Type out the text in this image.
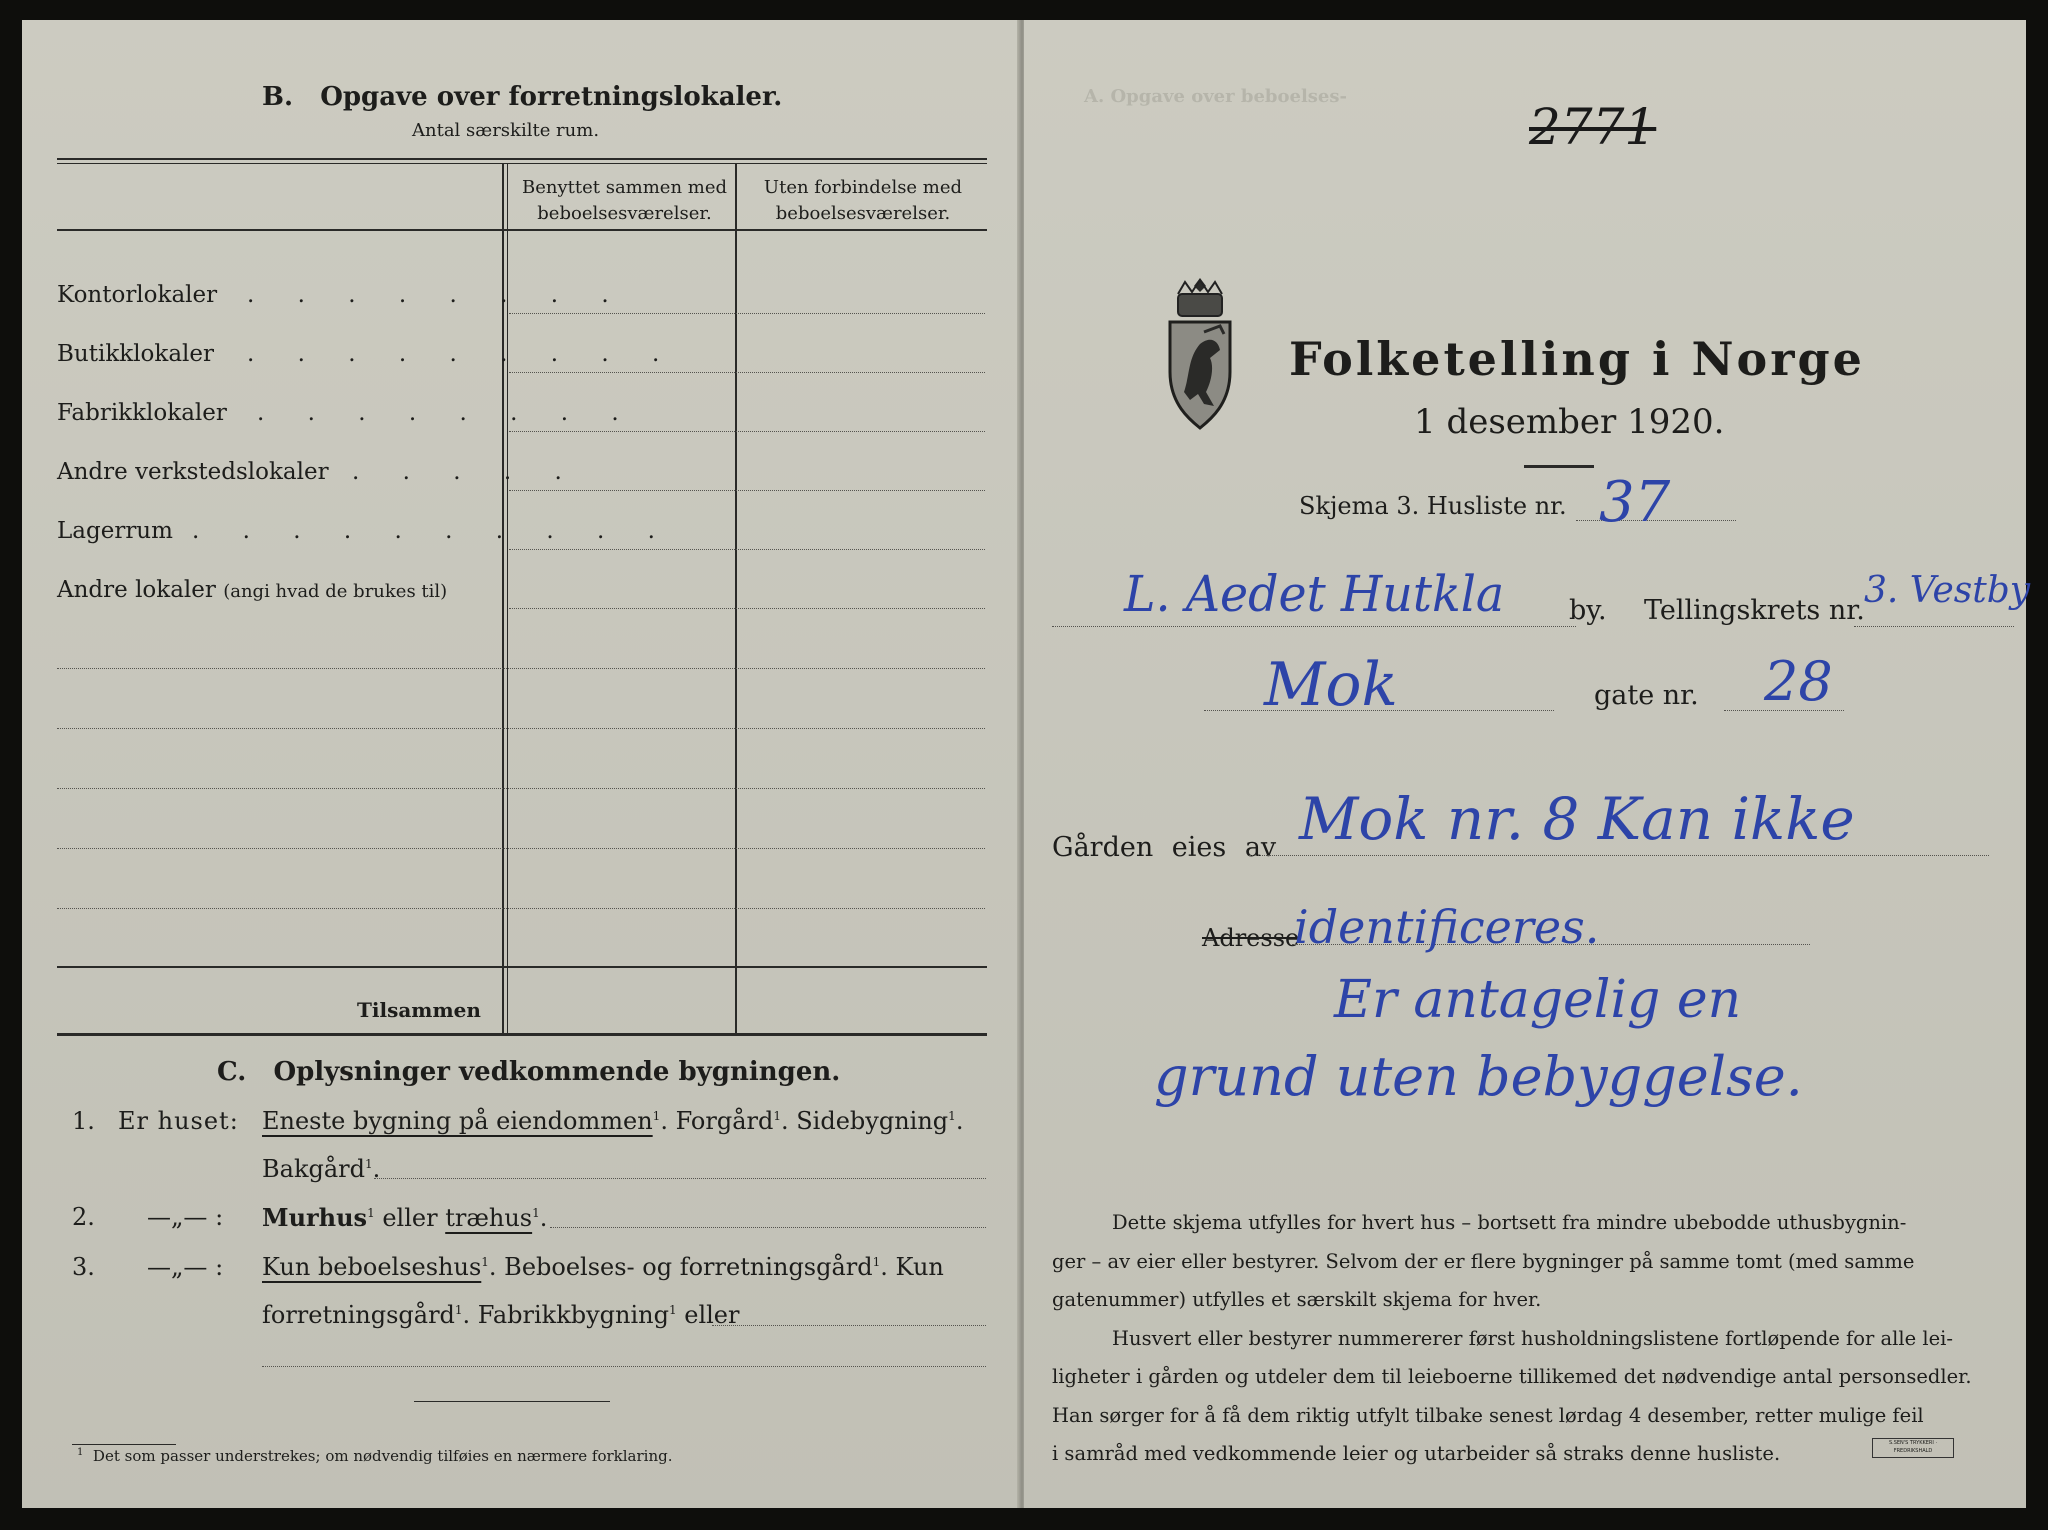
B. Opgave over forretningslokaler.
Antal særskilte rum.
Benyttet sammen med
beboelsesværelser.
Uten forbindelse med
beboelsesværelser.
Kontorlokaler . . . . . . . .
Butikklokaler . . . . . . . . .
Fabrikklokaler . . . . . . . .
Andre verkstedslokaler . . . . .
Lagerrum . . . . . . . . . .
Andre lokaler (angi hvad de brukes til)
Tilsammen
C. Oplysninger vedkommende bygningen.
1. Er huset: Eneste bygning på eiendommen$^1$. Forgård$^1$. Sidebygning$^1$.
Bakgård$^1$.
2. —„— : Murhus$^1$ eller træhus$^1$.
3. —„— : Kun beboelseshus$^1$. Beboelses- og forretningsgård$^1$. Kun
forretningsgård$^1$. Fabrikkbygning$^1$ eller
$^1$ Det som passer understrekes; om nødvendig tilføies en nærmere forklaring.
A. Opgave over beboelses-
2771
Folketelling i Norge
1 desember 1920.
Skjema 3. Husliste nr. 37
L. Aedet Hutkla by. Tellingskrets nr. 3. Vestby
Mok	gate nr. 28
Gården eies av Mok nr. 8 Kan ikke
Adresse
identificeres.
Er antagelig en
grund uten bebyggelse.
Dette skjema utfylles for hvert hus – bortsett fra mindre ubebodde uthusbygnin-
ger – av eier eller bestyrer. Selvom der er flere bygninger på samme tomt (med samme
gatenummer) utfylles et særskilt skjema for hver.
Husvert eller bestyrer nummererer først husholdningslistene fortløpende for alle lei-
ligheter i gården og utdeler dem til leieboerne tillikemed det nødvendige antal personsedler.
Han sørger for å få dem riktig utfylt tilbake senest lørdag 4 desember, retter mulige feil
i samråd med vedkommende leier og utarbeider så straks denne husliste.	S.SEN'S TRYKKERI · FREDRIKSHALD
